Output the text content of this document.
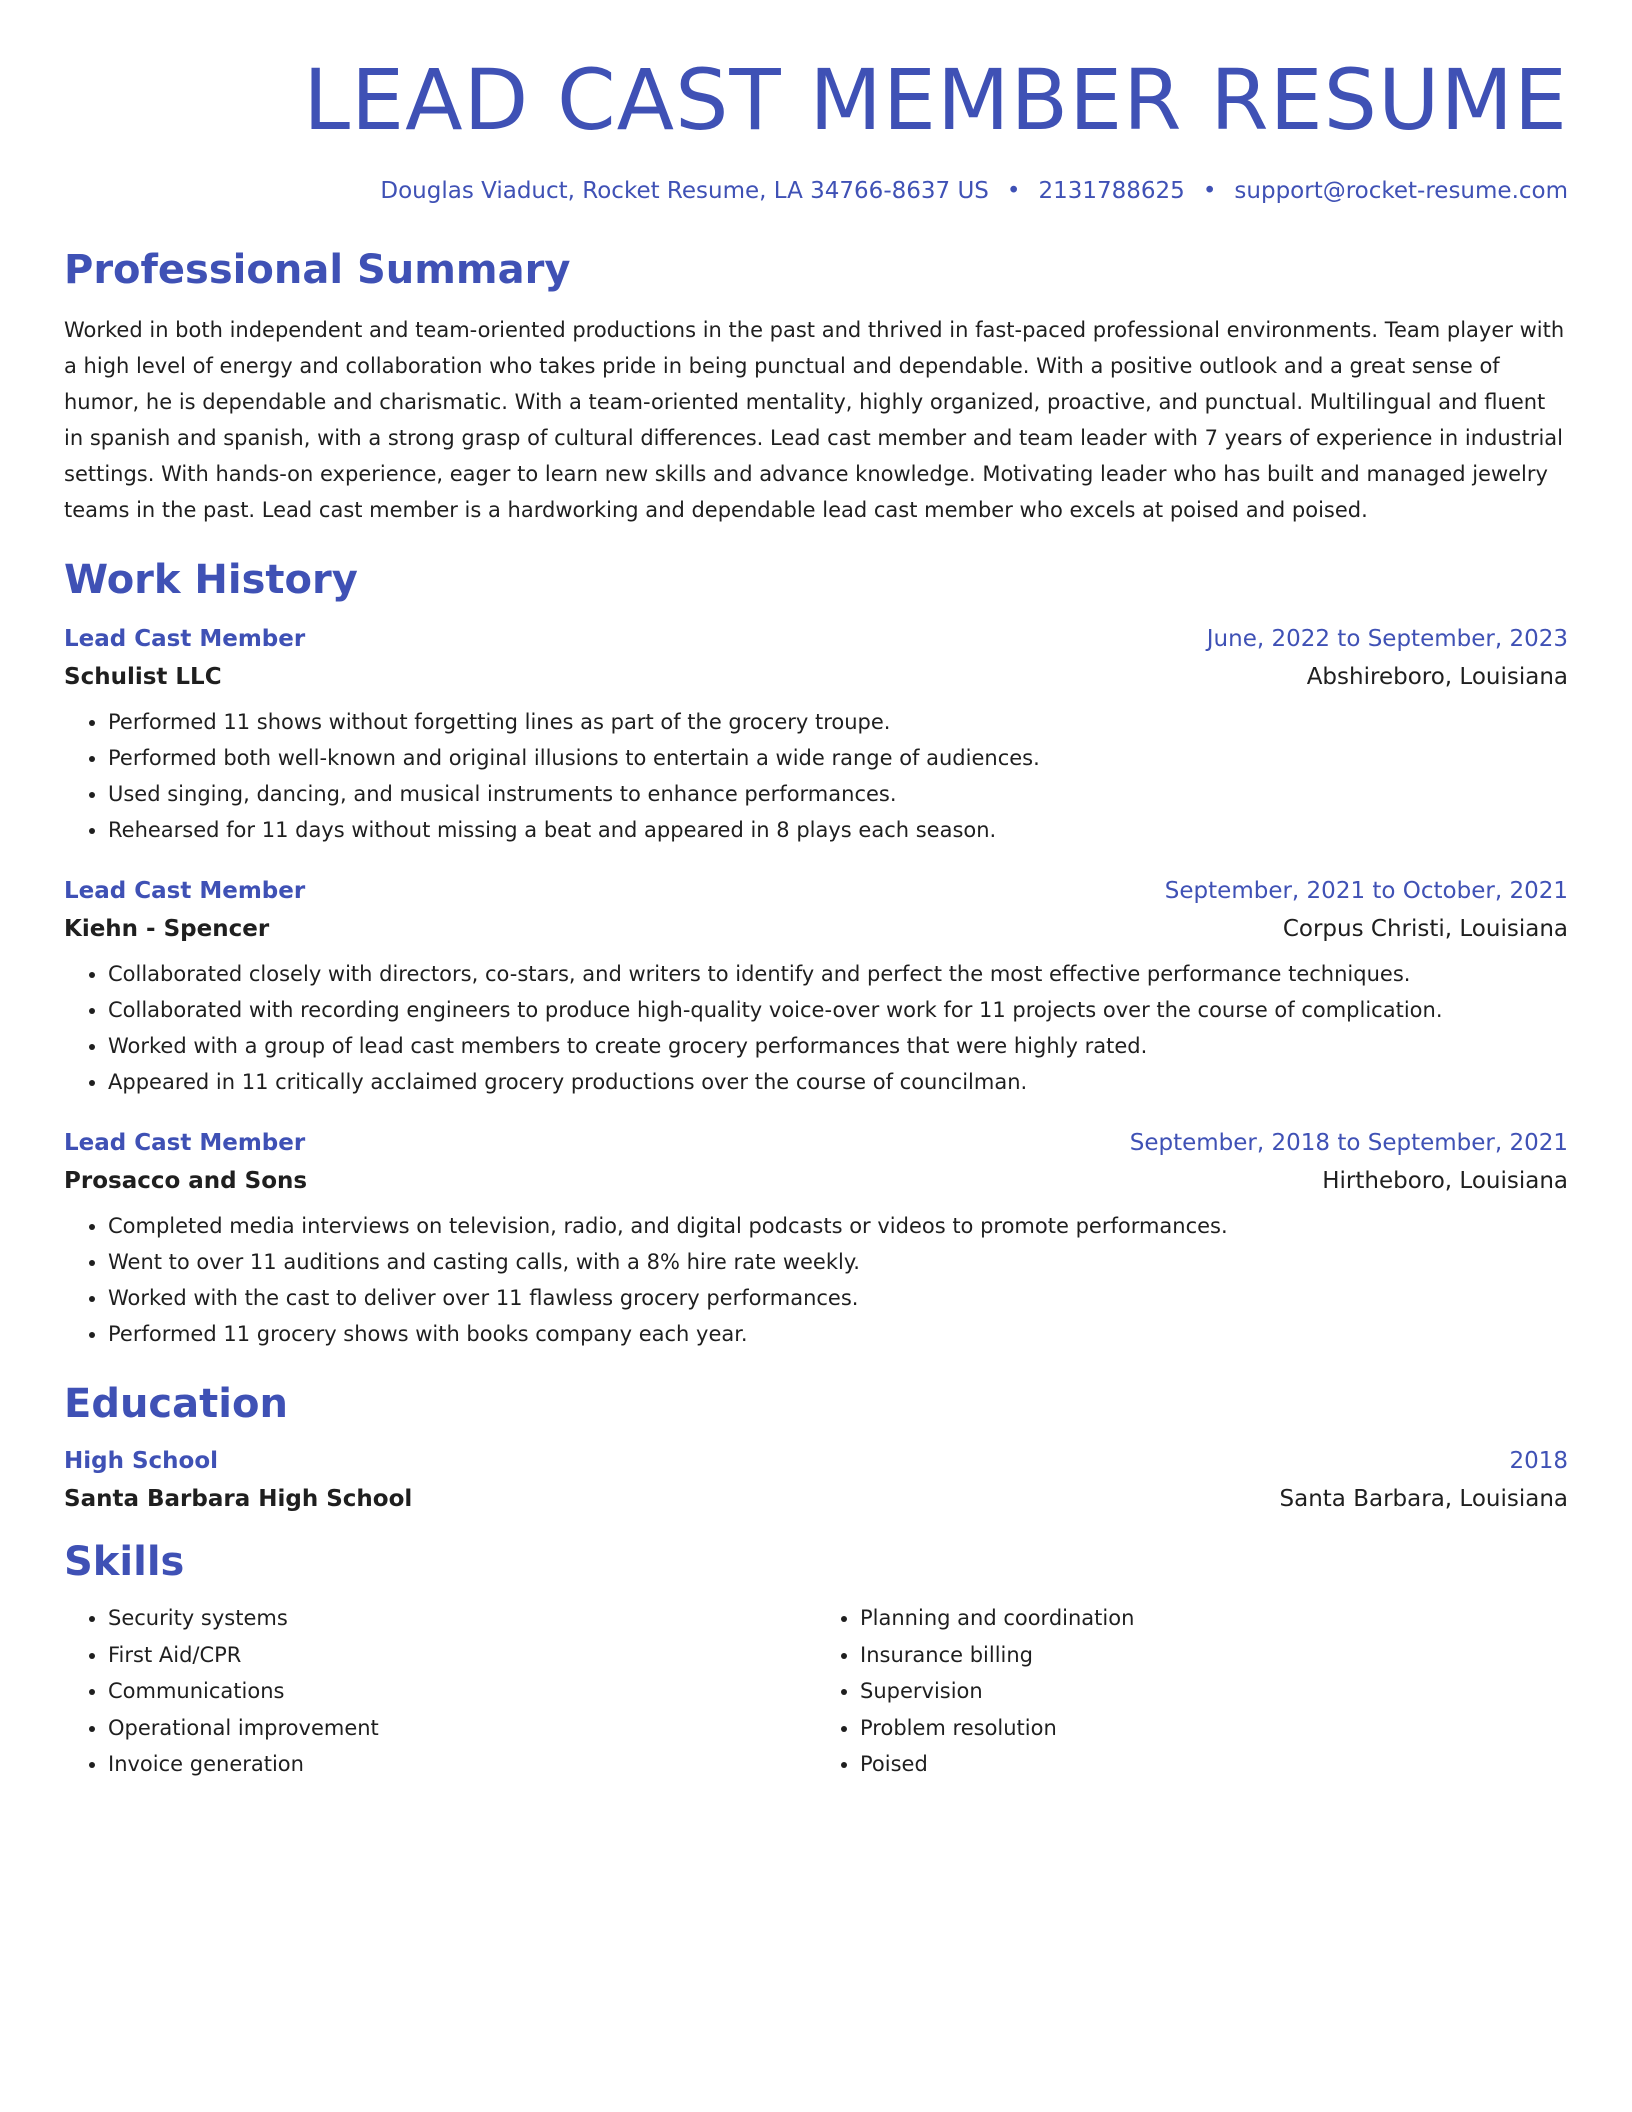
LEAD CAST MEMBER RESUME
Douglas Viaduct, Rocket Resume, LA 34766-8637 US • 2131788625 • support@rocket-resume.com
Professional Summary

Worked in both independent and team-oriented productions in the past and thrived in fast-paced professional environments. Team player with a high level of energy and collaboration who takes pride in being punctual and dependable. With a positive outlook and a great sense of humor, he is dependable and charismatic. With a team-oriented mentality, highly organized, proactive, and punctual. Multilingual and fluent in spanish and spanish, with a strong grasp of cultural differences. Lead cast member and team leader with 7 years of experience in industrial settings. With hands-on experience, eager to learn new skills and advance knowledge. Motivating leader who has built and managed jewelry teams in the past. Lead cast member is a hardworking and dependable lead cast member who excels at poised and poised.

Work History
Lead Cast Member	June, 2022 to September, 2023
Schulist LLC	Abshireboro, Louisiana
• Performed 11 shows without forgetting lines as part of the grocery troupe.
• Performed both well-known and original illusions to entertain a wide range of audiences.
• Used singing, dancing, and musical instruments to enhance performances.
• Rehearsed for 11 days without missing a beat and appeared in 8 plays each season.
Lead Cast Member	September, 2021 to October, 2021
Kiehn - Spencer	Corpus Christi, Louisiana
• Collaborated closely with directors, co-stars, and writers to identify and perfect the most effective performance techniques.
• Collaborated with recording engineers to produce high-quality voice-over work for 11 projects over the course of complication.
• Worked with a group of lead cast members to create grocery performances that were highly rated.
• Appeared in 11 critically acclaimed grocery productions over the course of councilman.
Lead Cast Member	September, 2018 to September, 2021
Prosacco and Sons	Hirtheboro, Louisiana
• Completed media interviews on television, radio, and digital podcasts or videos to promote performances.
• Went to over 11 auditions and casting calls, with a 8% hire rate weekly.
• Worked with the cast to deliver over 11 flawless grocery performances.
• Performed 11 grocery shows with books company each year.
Education
High School	2018
Santa Barbara High School	Santa Barbara, Louisiana
Skills
• Security systems
• First Aid/CPR
• Communications
• Operational improvement
• Invoice generation
• Planning and coordination
• Insurance billing
• Supervision
• Problem resolution
• Poised
